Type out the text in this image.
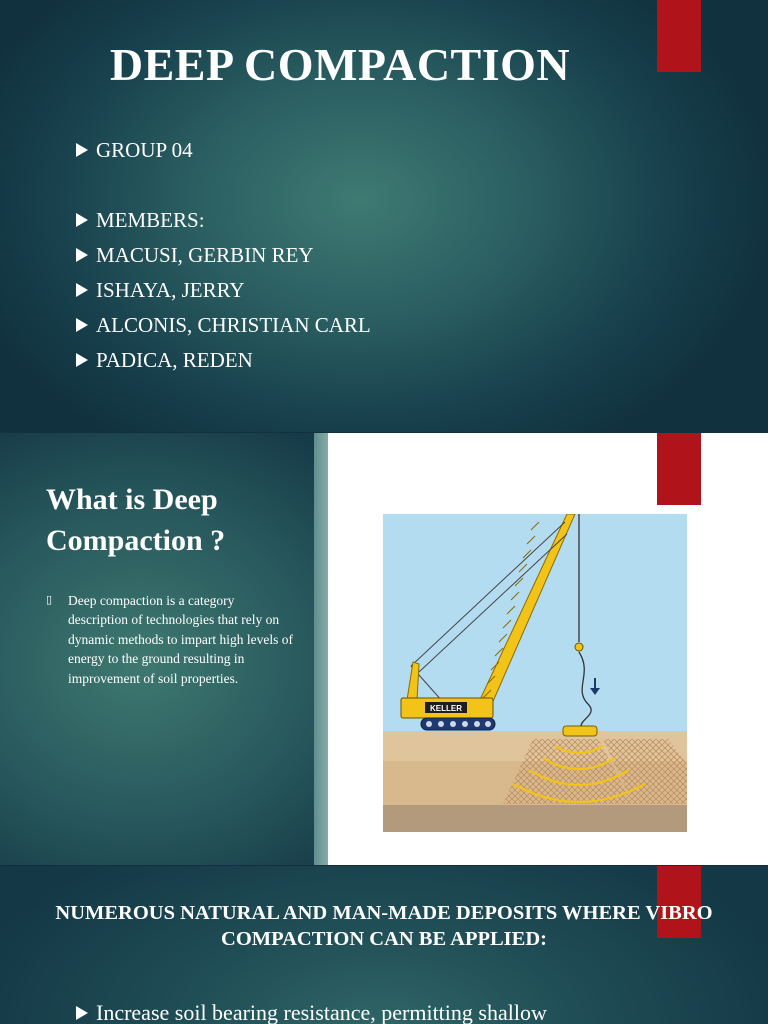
DEEP COMPACTION
GROUP 04
MEMBERS:
MACUSI, GERBIN REY
ISHAYA, JERRY
ALCONIS, CHRISTIAN CARL
PADICA, REDEN
What is Deep Compaction ?
▯	Deep compaction is a category description of technologies that rely on dynamic methods to impart high levels of energy to the ground resulting in improvement of soil properties.
KELLER
NUMEROUS NATURAL AND MAN-MADE DEPOSITS WHERE VIBRO COMPACTION CAN BE APPLIED:
Increase soil bearing resistance, permitting shallow
